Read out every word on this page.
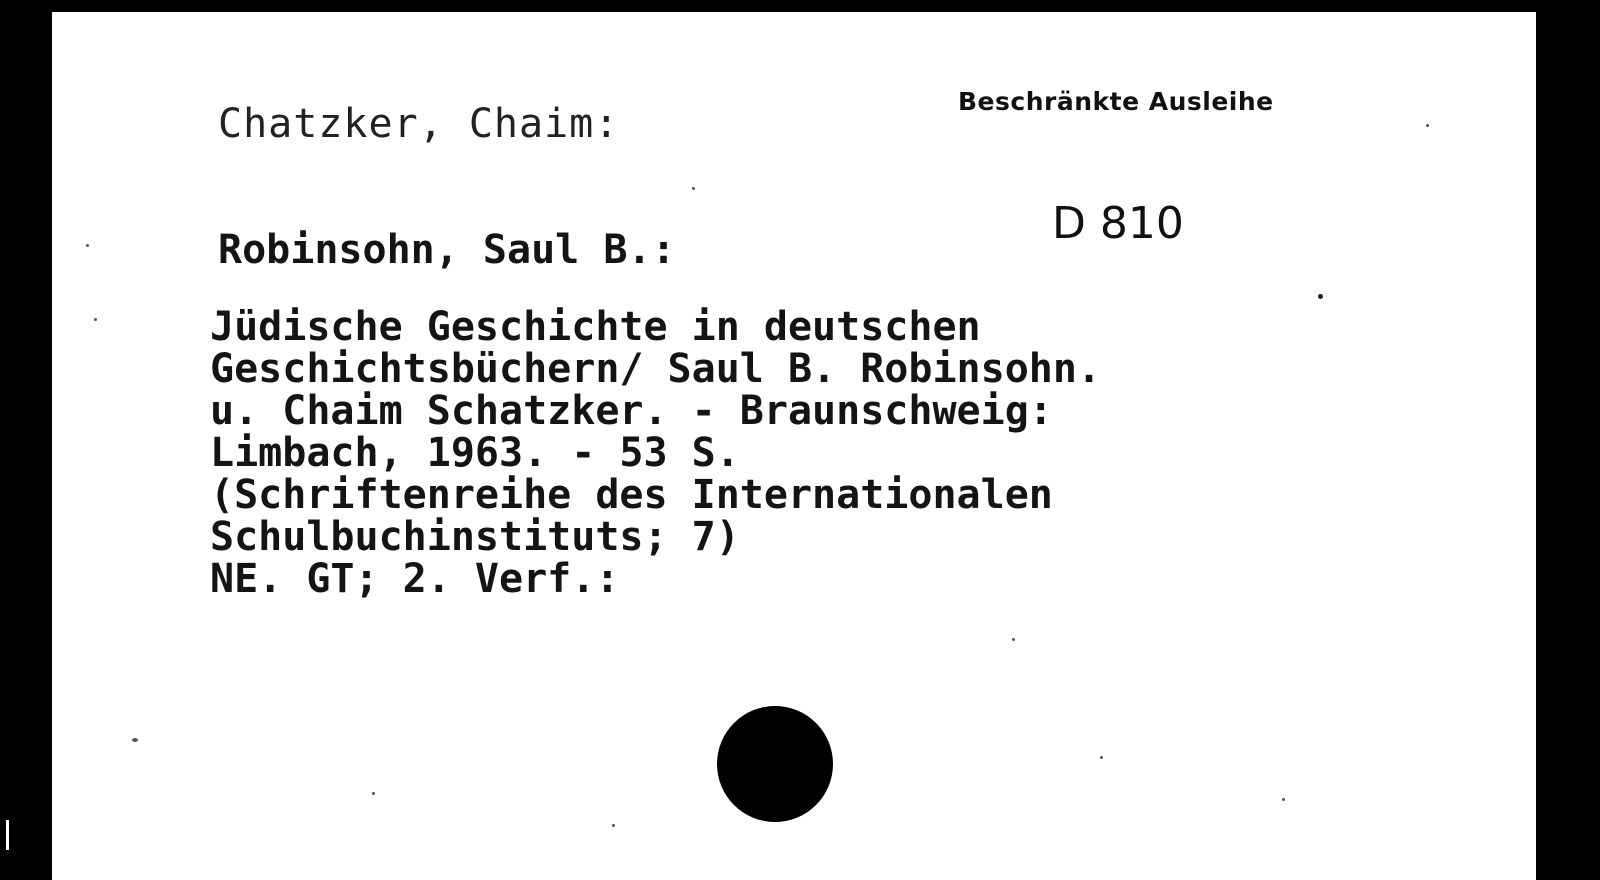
Chatzker, Chaim:	Beschränkte Ausleihe
D 810

Robinsohn, Saul B.:

Jüdische Geschichte in deutschen
Geschichtsbüchern/ Saul B. Robinsohn.
u. Chaim Schatzker. - Braunschweig:
Limbach, 1963. - 53 S.
(Schriftenreihe des Internationalen
Schulbuchinstituts; 7)
NE. GT; 2. Verf.:
